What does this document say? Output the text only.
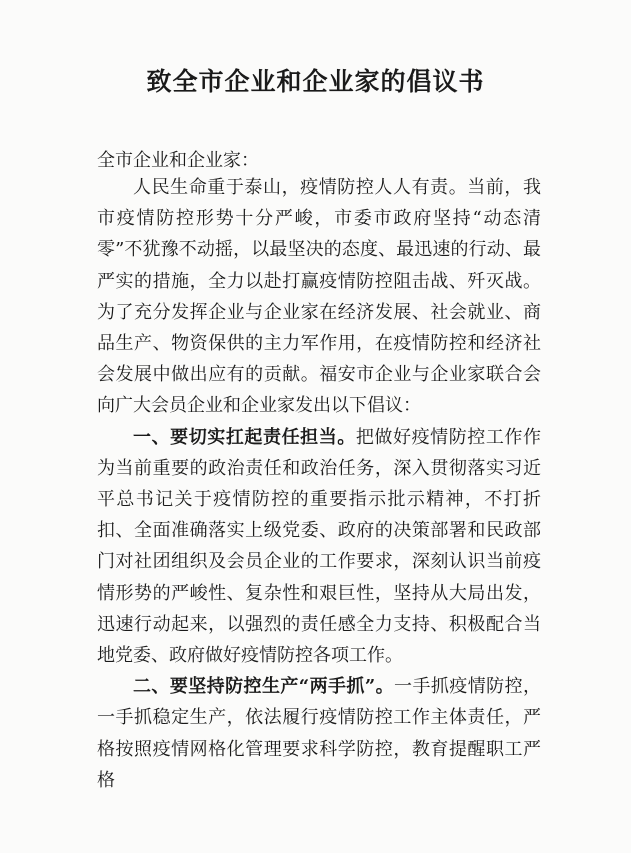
致全市企业和企业家的倡议书
全市企业和企业家：

人民生命重于泰山，疫情防控人人有责。当前，我市疫情防控形势十分严峻，市委市政府坚持“动态清零”不犹豫不动摇，以最坚决的态度、最迅速的行动、最严实的措施，全力以赴打赢疫情防控阻击战、歼灭战。为了充分发挥企业与企业家在经济发展、社会就业、商品生产、物资保供的主力军作用，在疫情防控和经济社会发展中做出应有的贡献。福安市企业与企业家联合会向广大会员企业和企业家发出以下倡议：

一、要切实扛起责任担当。把做好疫情防控工作作为当前重要的政治责任和政治任务，深入贯彻落实习近平总书记关于疫情防控的重要指示批示精神，不打折扣、全面准确落实上级党委、政府的决策部署和民政部门对社团组织及会员企业的工作要求，深刻认识当前疫情形势的严峻性、复杂性和艰巨性，坚持从大局出发，迅速行动起来，以强烈的责任感全力支持、积极配合当地党委、政府做好疫情防控各项工作。

二、要坚持防控生产“两手抓”。一手抓疫情防控，一手抓稳定生产，依法履行疫情防控工作主体责任，严格按照疫情网格化管理要求科学防控，教育提醒职工严格
